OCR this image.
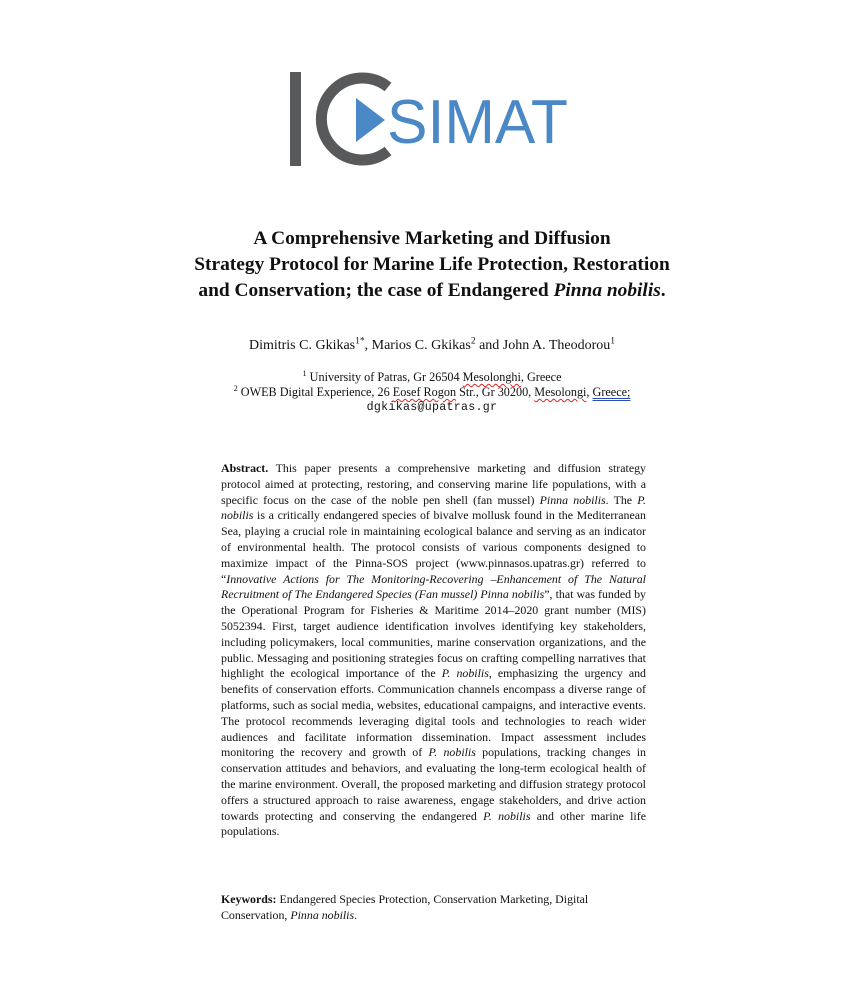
SIMAT
A Comprehensive Marketing and Diffusion
Strategy Protocol for Marine Life Protection, Restoration
and Conservation; the case of Endangered Pinna nobilis.
Dimitris C. Gkikas$^{1*}$, Marios C. Gkikas$^2$ and John A. Theodorou$^1$
$^1$ University of Patras, Gr 26504 Mesolonghi, Greece
$^2$ OWEB Digital Experience, 26 Eosef Rogon Str., Gr 30200, Mesolongi, Greece;
dgkikas@upatras.gr
Abstract. This paper presents a comprehensive marketing and diffusion strategy protocol aimed at protecting, restoring, and conserving marine life populations, with a specific focus on the case of the noble pen shell (fan mussel) Pinna nobilis. The P. nobilis is a critically endangered species of bivalve mollusk found in the Mediterranean Sea, playing a crucial role in maintaining ecological balance and serving as an indicator of environmental health. The protocol consists of various components designed to maximize impact of the Pinna-SOS project (www.pinnasos.upatras.gr) referred to “Innovative Actions for The Monitoring-Recovering –Enhancement of The Natural Recruitment of The Endangered Species (Fan mussel) Pinna nobilis”, that was funded by the Operational Program for Fisheries & Maritime 2014–2020 grant number (MIS) 5052394. First, target audience identification involves identifying key stakeholders, including policymakers, local communities, marine conservation organizations, and the public. Messaging and positioning strategies focus on crafting compelling narratives that highlight the ecological importance of the P. nobilis, emphasizing the urgency and benefits of conservation efforts. Communication channels encompass a diverse range of platforms, such as social media, websites, educational campaigns, and interactive events. The protocol recommends leveraging digital tools and technologies to reach wider audiences and facilitate information dissemination. Impact assessment includes monitoring the recovery and growth of P. nobilis populations, tracking changes in conservation attitudes and behaviors, and evaluating the long-term ecological health of the marine environment. Overall, the proposed marketing and diffusion strategy protocol offers a structured approach to raise awareness, engage stakeholders, and drive action towards protecting and conserving the endangered P. nobilis and other marine life populations.
Keywords: Endangered Species Protection, Conservation Marketing, Digital Conservation, Pinna nobilis.
